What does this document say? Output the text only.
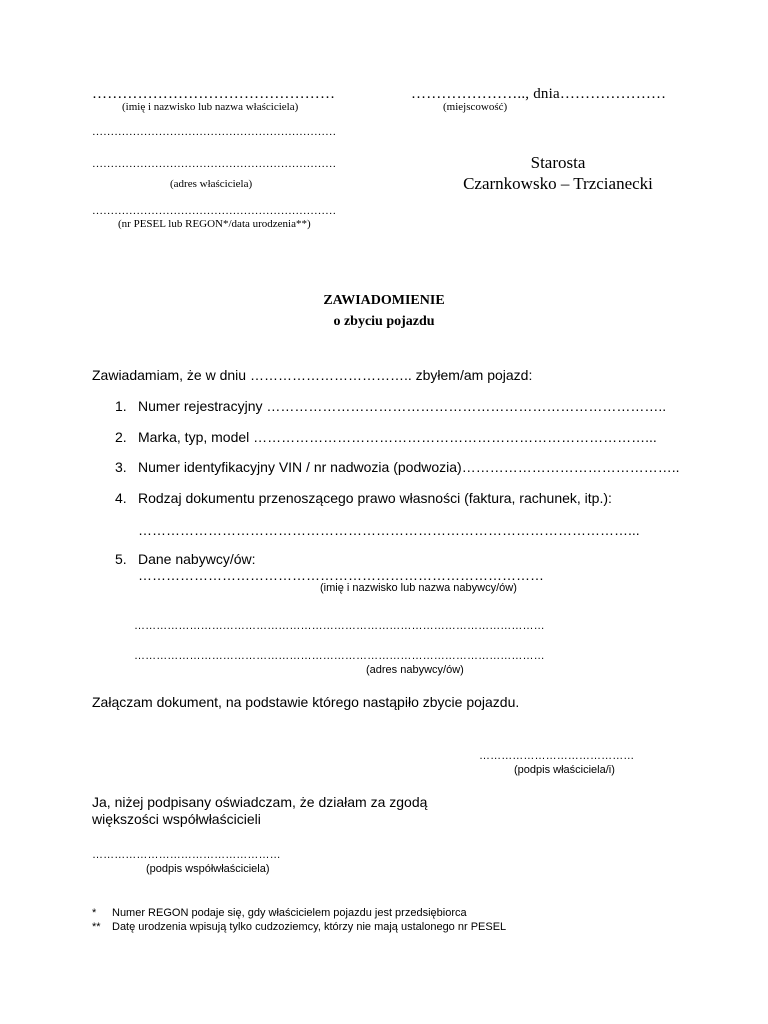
…………………………………………
(imię i nazwisko lub nazwa właściciela)
………………….., dnia…………………
(miejscowość)
…………………………………………………………
…………………………………………………………
(adres właściciela)
Starosta
Czarnkowsko – Trzcianecki
…………………………………………………………
(nr PESEL lub REGON*/data urodzenia**)
ZAWIADOMIENIE
o zbyciu pojazdu
Zawiadamiam, że w dniu …………………………….. zbyłem/am pojazd:
1. Numer rejestracyjny …………………………………………………………………………..
2. Marka, typ, model …………………………………………………………………………...
3. Numer identyfikacyjny VIN / nr nadwozia (podwozia)………………………………………..
4. Rodzaj dokumentu przenoszącego prawo własności (faktura, rachunek, itp.):
……………………………………………………………………………………………...
5. Dane nabywcy/ów:
……………………………………………………………………………
(imię i nazwisko lub nazwa nabywcy/ów)
…………………………………………………………………………………………………
…………………………………………………………………………………………………
(adres nabywcy/ów)
Załączam dokument, na podstawie którego nastąpiło zbycie pojazdu.
……………………………………
(podpis właściciela/i)
Ja, niżej podpisany oświadczam, że działam za zgodą
większości współwłaścicieli
……………………………………………
(podpis współwłaściciela)
* Numer REGON podaje się, gdy właścicielem pojazdu jest przedsiębiorca
** Datę urodzenia wpisują tylko cudzoziemcy, którzy nie mają ustalonego nr PESEL
